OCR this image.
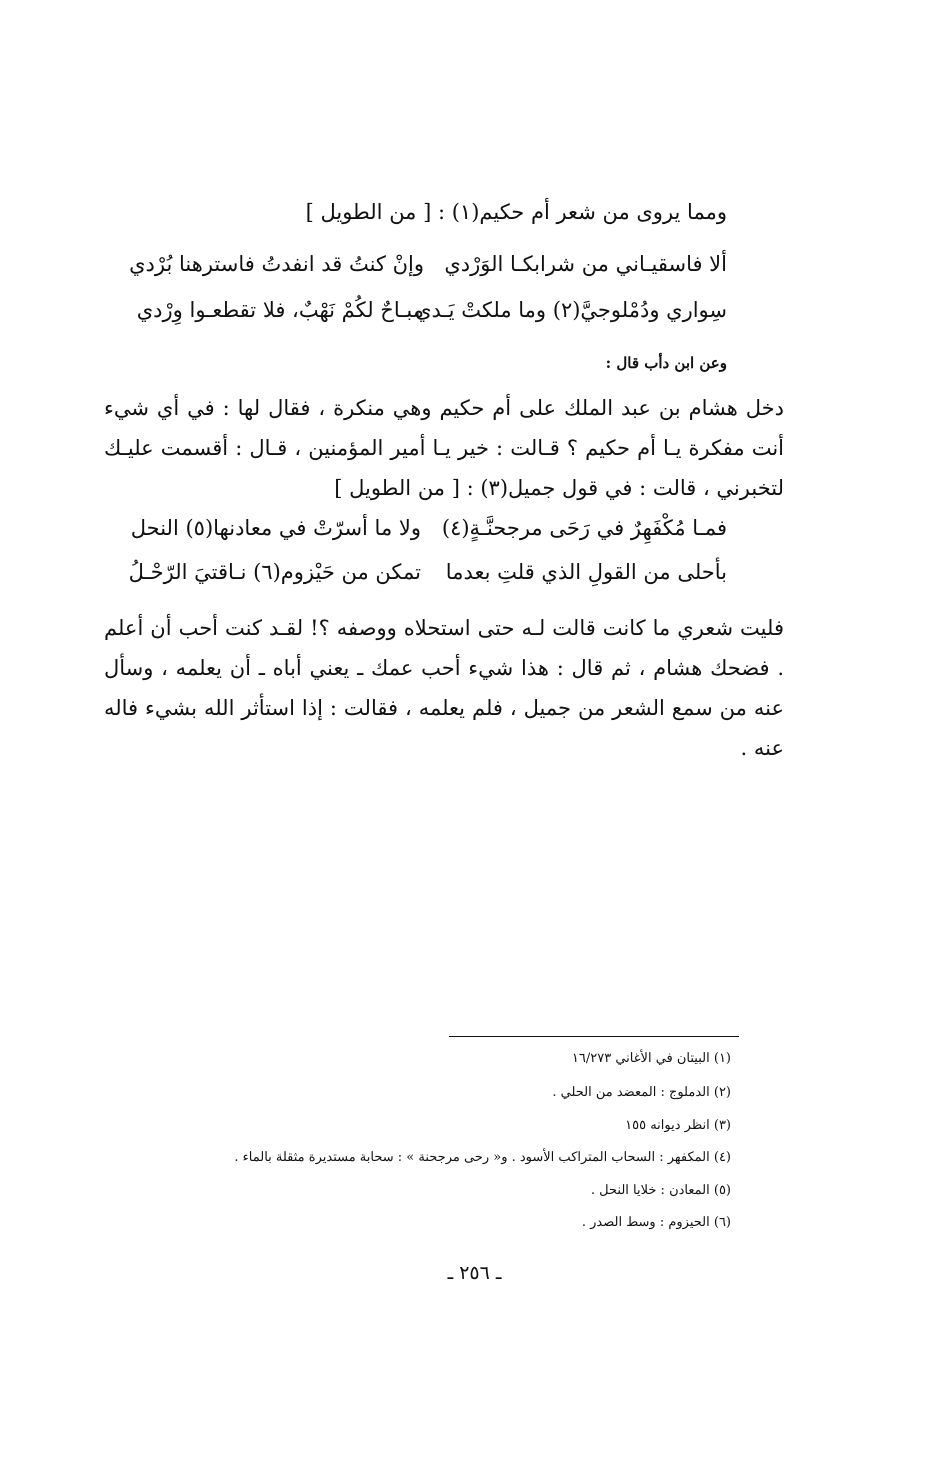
ومما يروى من شعر أم حكيم(١) : [ من الطويل ]
ألا فاسقيـاني من شرابكـا الوَرْدي
وإنْ كنتُ قد انفدتُ فاسترهنا بُرْدي
سِواري ودُمْلوجيَّ(٢) وما ملكتْ يَـدي
مبـاحٌ لكُمْ نَهْبٌ، فلا تقطعـوا وِرْدي
وعن ابن دأب قال :
دخل هشام بن عبد الملك على أم حكيم وهي منكرة ، فقال لها : في أي شيء أنت مفكرة يـا أم حكيم ؟ قـالت : خير يـا أمير المؤمنين ، قـال : أقسمت عليـك لتخبرني ، قالت : في قول جميل(٣) : [ من الطويل ]
فمـا مُكْفَهِرٌ في رَحَى مرجحنَّـةٍ(٤)
ولا ما أسرّتْ في معادنها(٥) النحل
بأحلى من القولِ الذي قلتِ بعدما
تمكن من حَيْزوم(٦) نـاقتيَ الرّحْـلُ
فليت شعري ما كانت قالت لـه حتى استحلاه ووصفه ؟! لقـد كنت أحب أن أعلم . فضحك هشام ، ثم قال : هذا شيء أحب عمك ـ يعني أباه ـ أن يعلمه ، وسأل عنه من سمع الشعر من جميل ، فلم يعلمه ، فقالت : إذا استأثر الله بشيء فاله عنه .
(١) البيتان في الأغاني ١٦/٢٧٣
(٢) الدملوج : المعضد من الحلي .
(٣) انظر ديوانه ١٥٥
(٤) المكفهر : السحاب المتراكب الأسود . و« رحى مرجحنة » : سحابة مستديرة مثقلة بالماء .
(٥) المعادن : خلايا النحل .
(٦) الحيزوم : وسط الصدر .
ـ ٢٥٦ ـ
